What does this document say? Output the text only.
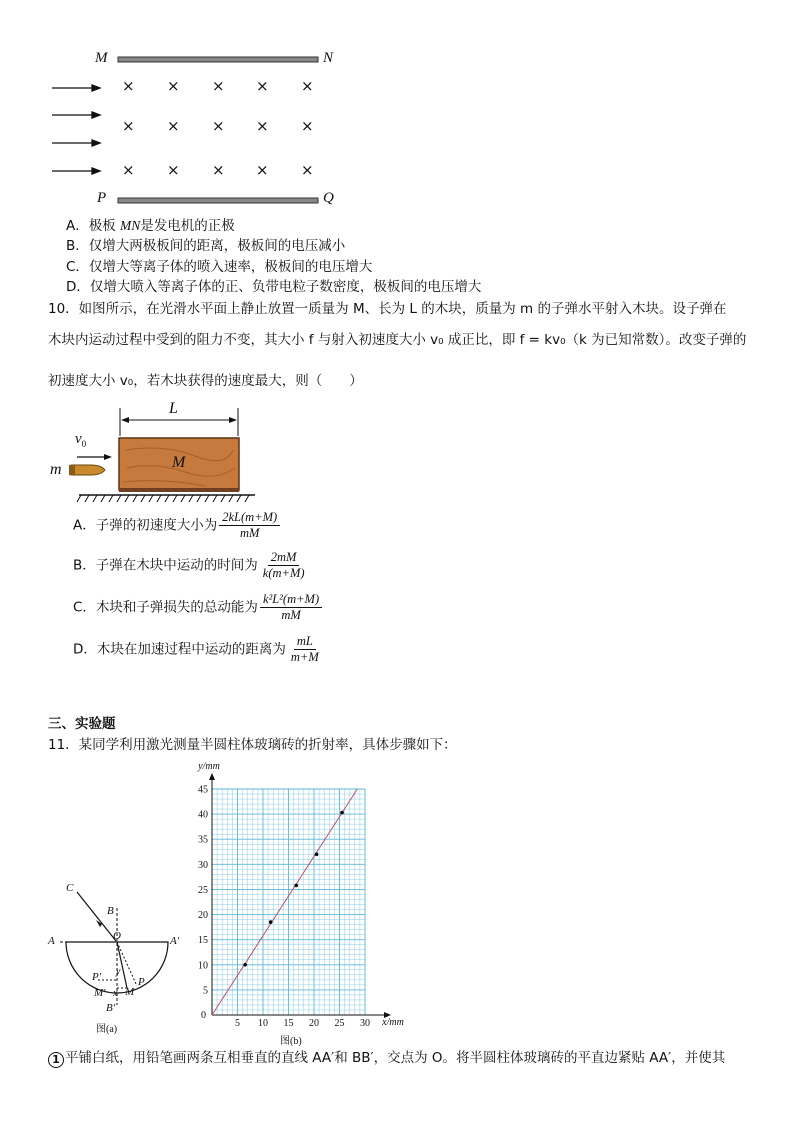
M	N
P	Q
× × × × ×
× × × × ×
× × × × ×
A．极板 MN是发电机的正极
B．仅增大两极板间的距离，极板间的电压减小
C．仅增大等离子体的喷入速率，极板间的电压增大
D．仅增大喷入等离子体的正、负带电粒子数密度，极板间的电压增大
10．如图所示，在光滑水平面上静止放置一质量为 M、长为 L 的木块，质量为 m 的子弹水平射入木块。设子弹在
木块内运动过程中受到的阻力不变，其大小 f 与射入初速度大小 v₀ 成正比，即 f = kv₀（k 为已知常数）。改变子弹的
初速度大小 v₀，若木块获得的速度最大，则（　　）
L
$v_0$
M
m
A．子弹的初速度大小为 $\frac{2kL(m+M)}{mM}$
B．子弹在木块中运动的时间为 $\frac{2mM}{k(m+M)}$
C．木块和子弹损失的总动能为 $\frac{\text{k²L²(m+M)}}{mM}$
D．木块在加速过程中运动的距离为 $\frac{mL}{m+M}$
三、实验题
11．某同学利用激光测量半圆柱体玻璃砖的折射率，具体步骤如下：
C
B
O
A	A′
P′ y
P
M′ x M
B′
图(a)
5 10 15 20 25 30
5
10
15
20
25
30
35
40
45
0
y/mm
x/mm
图(b)
1 平铺白纸，用铅笔画两条互相垂直的直线 AA′和 BB′，交点为 O。将半圆柱体玻璃砖的平直边紧贴 AA′，并使其
